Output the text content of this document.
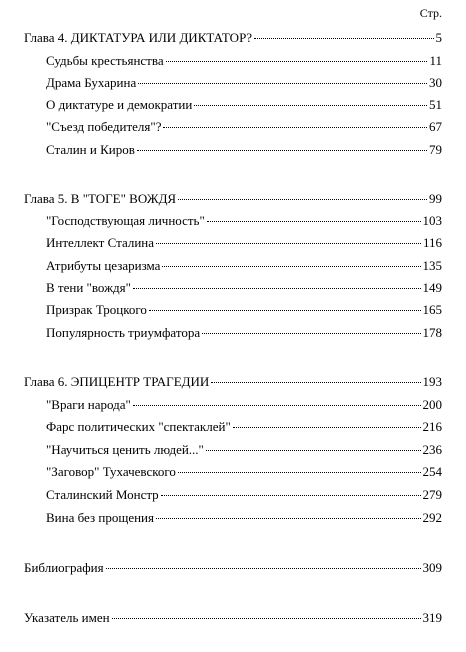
Стр.
Глава 4. ДИКТАТУРА ИЛИ ДИКТАТОР?	5
Судьбы крестьянства	11
Драма Бухарина	30
О диктатуре и демократии	51
"Съезд победителя"?	67
Сталин и Киров	79
Глава 5. В "ТОГЕ" ВОЖДЯ	99
"Господствующая личность"	103
Интеллект Сталина	116
Атрибуты цезаризма	135
В тени "вождя"	149
Призрак Троцкого	165
Популярность триумфатора	178
Глава 6. ЭПИЦЕНТР ТРАГЕДИИ	193
"Враги народа"	200
Фарс политических "спектаклей"	216
"Научиться ценить людей..."	236
"Заговор" Тухачевского	254
Сталинский Монстр	279
Вина без прощения	292
Библиография	309
Указатель имен	319
